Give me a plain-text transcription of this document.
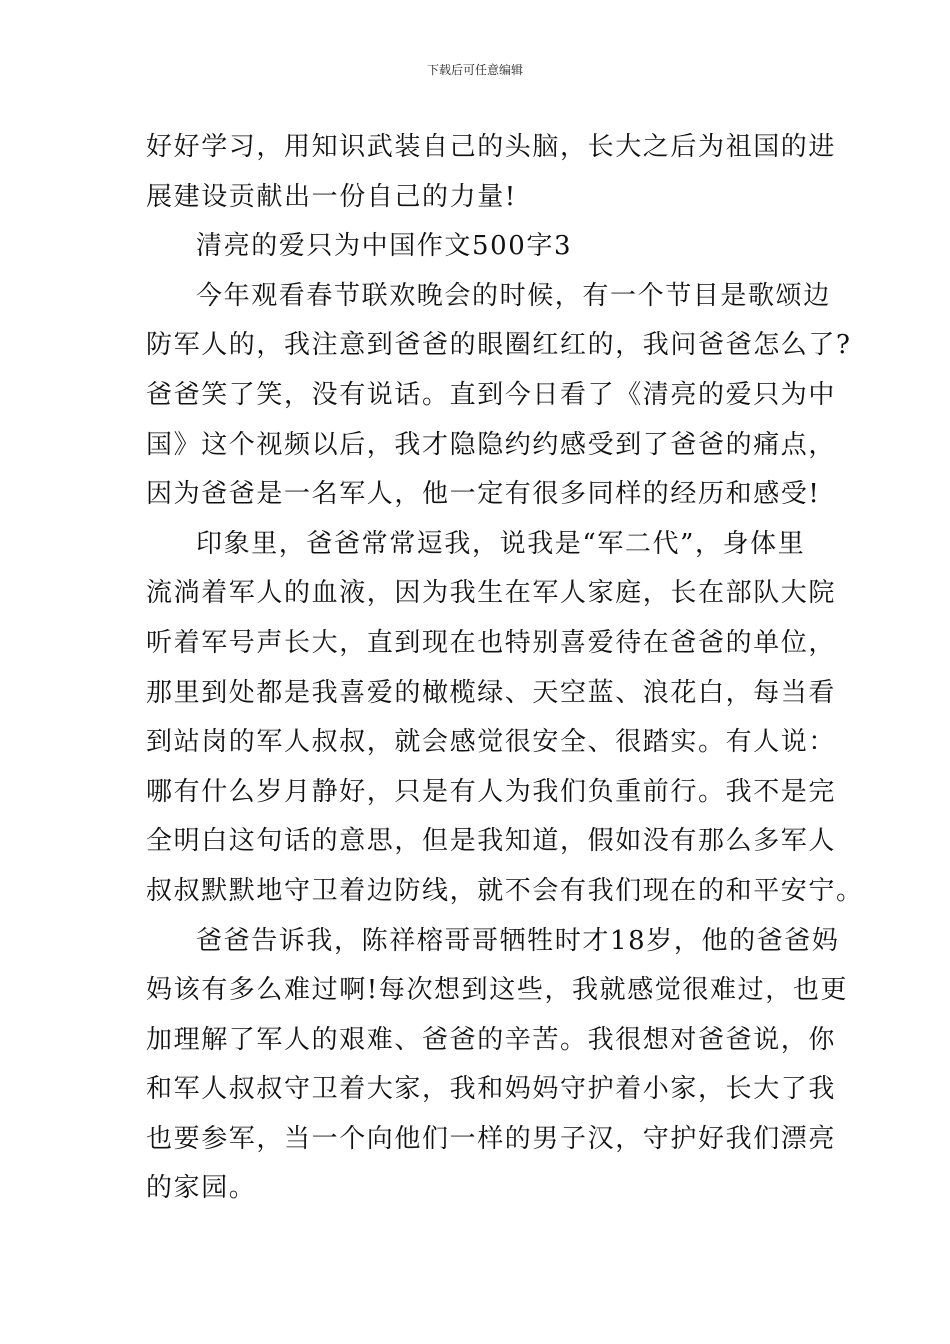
下载后可任意编辑
好好学习，用知识武装自己的头脑，长大之后为祖国的进
展建设贡献出一份自己的力量!
清亮的爱只为中国作文500字3
今年观看春节联欢晚会的时候，有一个节目是歌颂边
防军人的，我注意到爸爸的眼圈红红的，我问爸爸怎么了?
爸爸笑了笑，没有说话。直到今日看了《清亮的爱只为中
国》这个视频以后，我才隐隐约约感受到了爸爸的痛点，
因为爸爸是一名军人，他一定有很多同样的经历和感受!
印象里，爸爸常常逗我，说我是“军二代”，身体里
流淌着军人的血液，因为我生在军人家庭，长在部队大院
听着军号声长大，直到现在也特别喜爱待在爸爸的单位，
那里到处都是我喜爱的橄榄绿、天空蓝、浪花白，每当看
到站岗的军人叔叔，就会感觉很安全、很踏实。有人说：
哪有什么岁月静好，只是有人为我们负重前行。我不是完
全明白这句话的意思，但是我知道，假如没有那么多军人
叔叔默默地守卫着边防线，就不会有我们现在的和平安宁。
爸爸告诉我，陈祥榕哥哥牺牲时才18岁，他的爸爸妈
妈该有多么难过啊!每次想到这些，我就感觉很难过，也更
加理解了军人的艰难、爸爸的辛苦。我很想对爸爸说，你
和军人叔叔守卫着大家，我和妈妈守护着小家，长大了我
也要参军，当一个向他们一样的男子汉，守护好我们漂亮
的家园。
